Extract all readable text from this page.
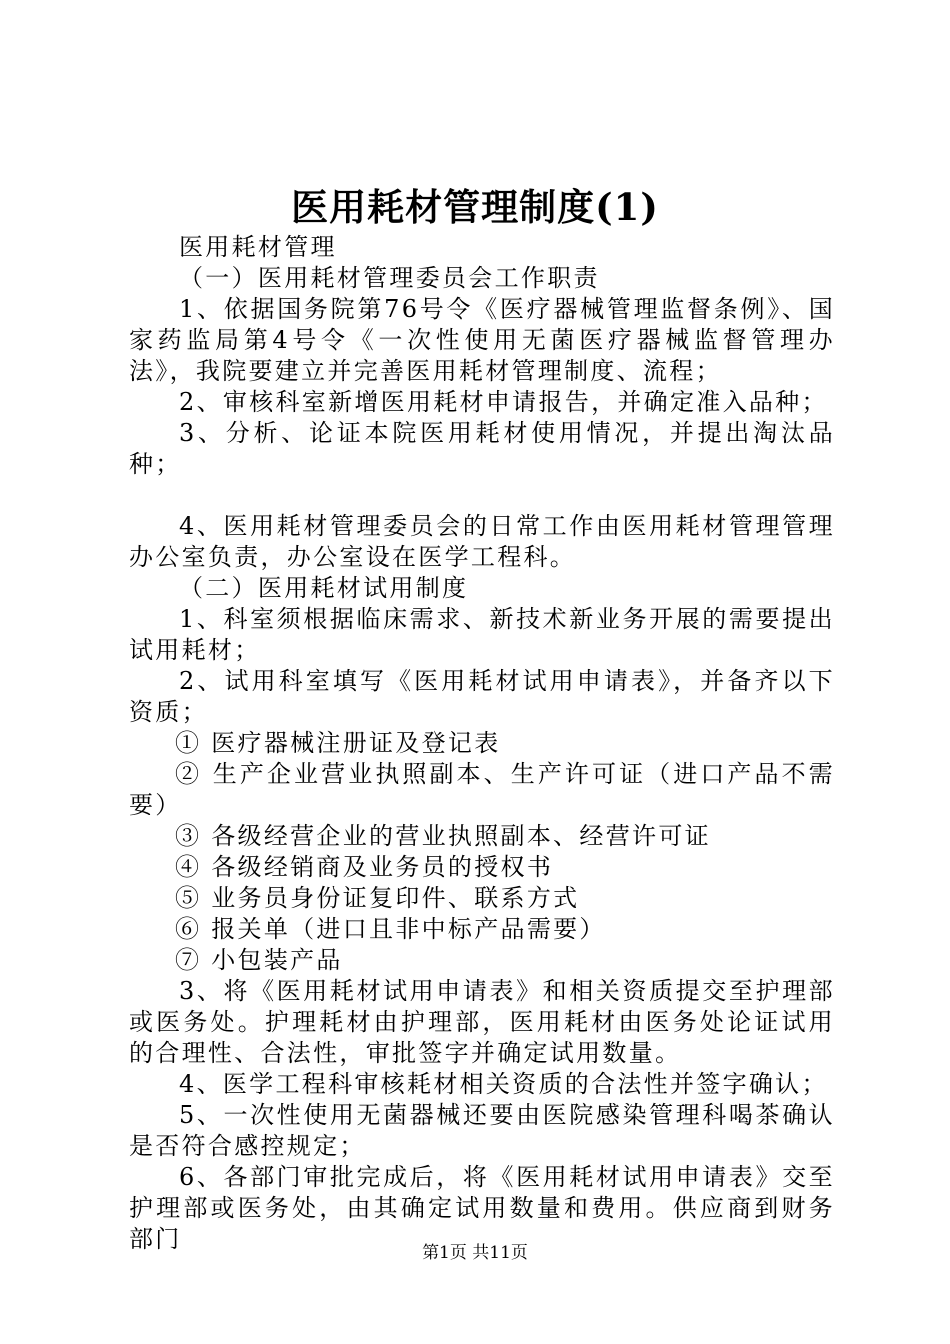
医用耗材管理制度(1)

医用耗材管理

（一）医用耗材管理委员会工作职责

1、依据国务院第76号令《医疗器械管理监督条例》、国家药监局第4号令《一次性使用无菌医疗器械监督管理办法》，我院要建立并完善医用耗材管理制度、流程；

2、审核科室新增医用耗材申请报告，并确定准入品种；

3、分析、论证本院医用耗材使用情况，并提出淘汰品种；

4、医用耗材管理委员会的日常工作由医用耗材管理管理办公室负责，办公室设在医学工程科。

（二）医用耗材试用制度

1、科室须根据临床需求、新技术新业务开展的需要提出试用耗材；

2、试用科室填写《医用耗材试用申请表》，并备齐以下资质；

① 医疗器械注册证及登记表

② 生产企业营业执照副本、生产许可证（进口产品不需要）

③ 各级经营企业的营业执照副本、经营许可证

④ 各级经销商及业务员的授权书

⑤ 业务员身份证复印件、联系方式

⑥ 报关单（进口且非中标产品需要）

⑦ 小包装产品

3、将《医用耗材试用申请表》和相关资质提交至护理部或医务处。护理耗材由护理部，医用耗材由医务处论证试用的合理性、合法性，审批签字并确定试用数量。

4、医学工程科审核耗材相关资质的合法性并签字确认；

5、一次性使用无菌器械还要由医院感染管理科喝茶确认是否符合感控规定；

6、各部门审批完成后，将《医用耗材试用申请表》交至护理部或医务处，由其确定试用数量和费用。供应商到财务部门	第1页 共11页
